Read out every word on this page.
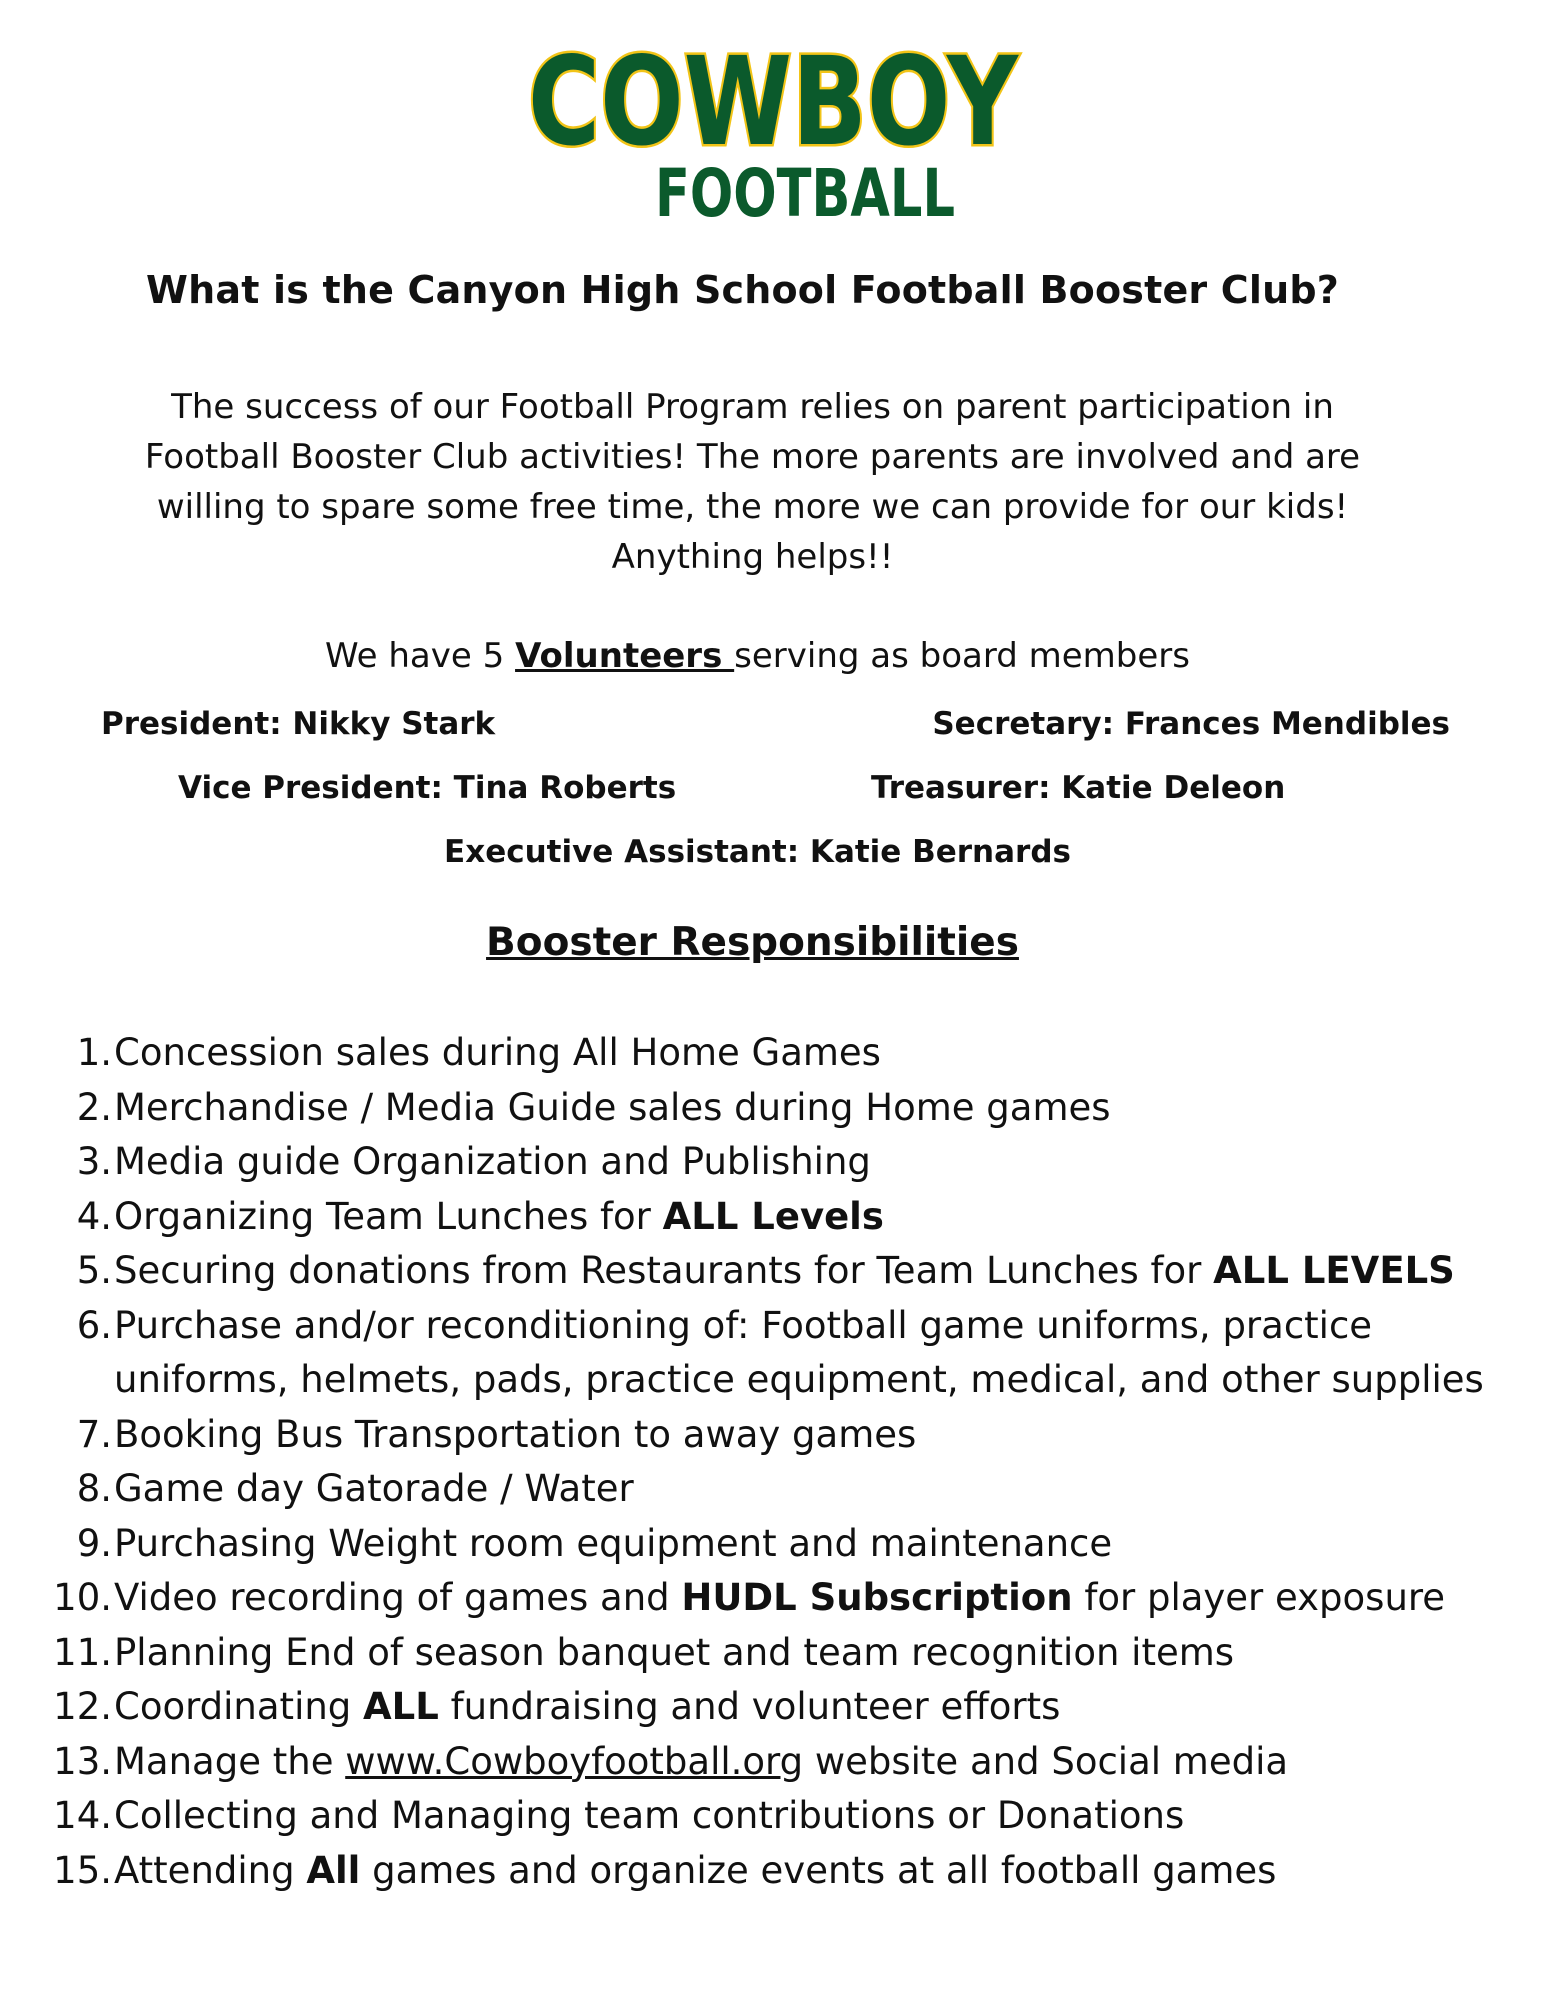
COWBOY
FOOTBALL
What is the Canyon High School Football Booster Club?

The success of our Football Program relies on parent participation in
Football Booster Club activities! The more parents are involved and are
willing to spare some free time, the more we can provide for our kids!
Anything helps!!

We have 5 Volunteers serving as board members
President: Nikky Stark	Secretary: Frances Mendibles
Vice President: Tina Roberts	Treasurer: Katie Deleon
Executive Assistant: Katie Bernards
Booster Responsibilities
1. Concession sales during All Home Games
2. Merchandise / Media Guide sales during Home games
3. Media guide Organization and Publishing
4. Organizing Team Lunches for ALL Levels
5. Securing donations from Restaurants for Team Lunches for ALL LEVELS
6. Purchase and/or reconditioning of: Football game uniforms, practice uniforms, helmets, pads, practice equipment, medical, and other supplies
7. Booking Bus Transportation to away games
8. Game day Gatorade / Water
9. Purchasing Weight room equipment and maintenance
10. Video recording of games and HUDL Subscription for player exposure
11. Planning End of season banquet and team recognition items
12. Coordinating ALL fundraising and volunteer efforts
13. Manage the www.Cowboyfootball.org website and Social media
14. Collecting and Managing team contributions or Donations
15. Attending All games and organize events at all football games
